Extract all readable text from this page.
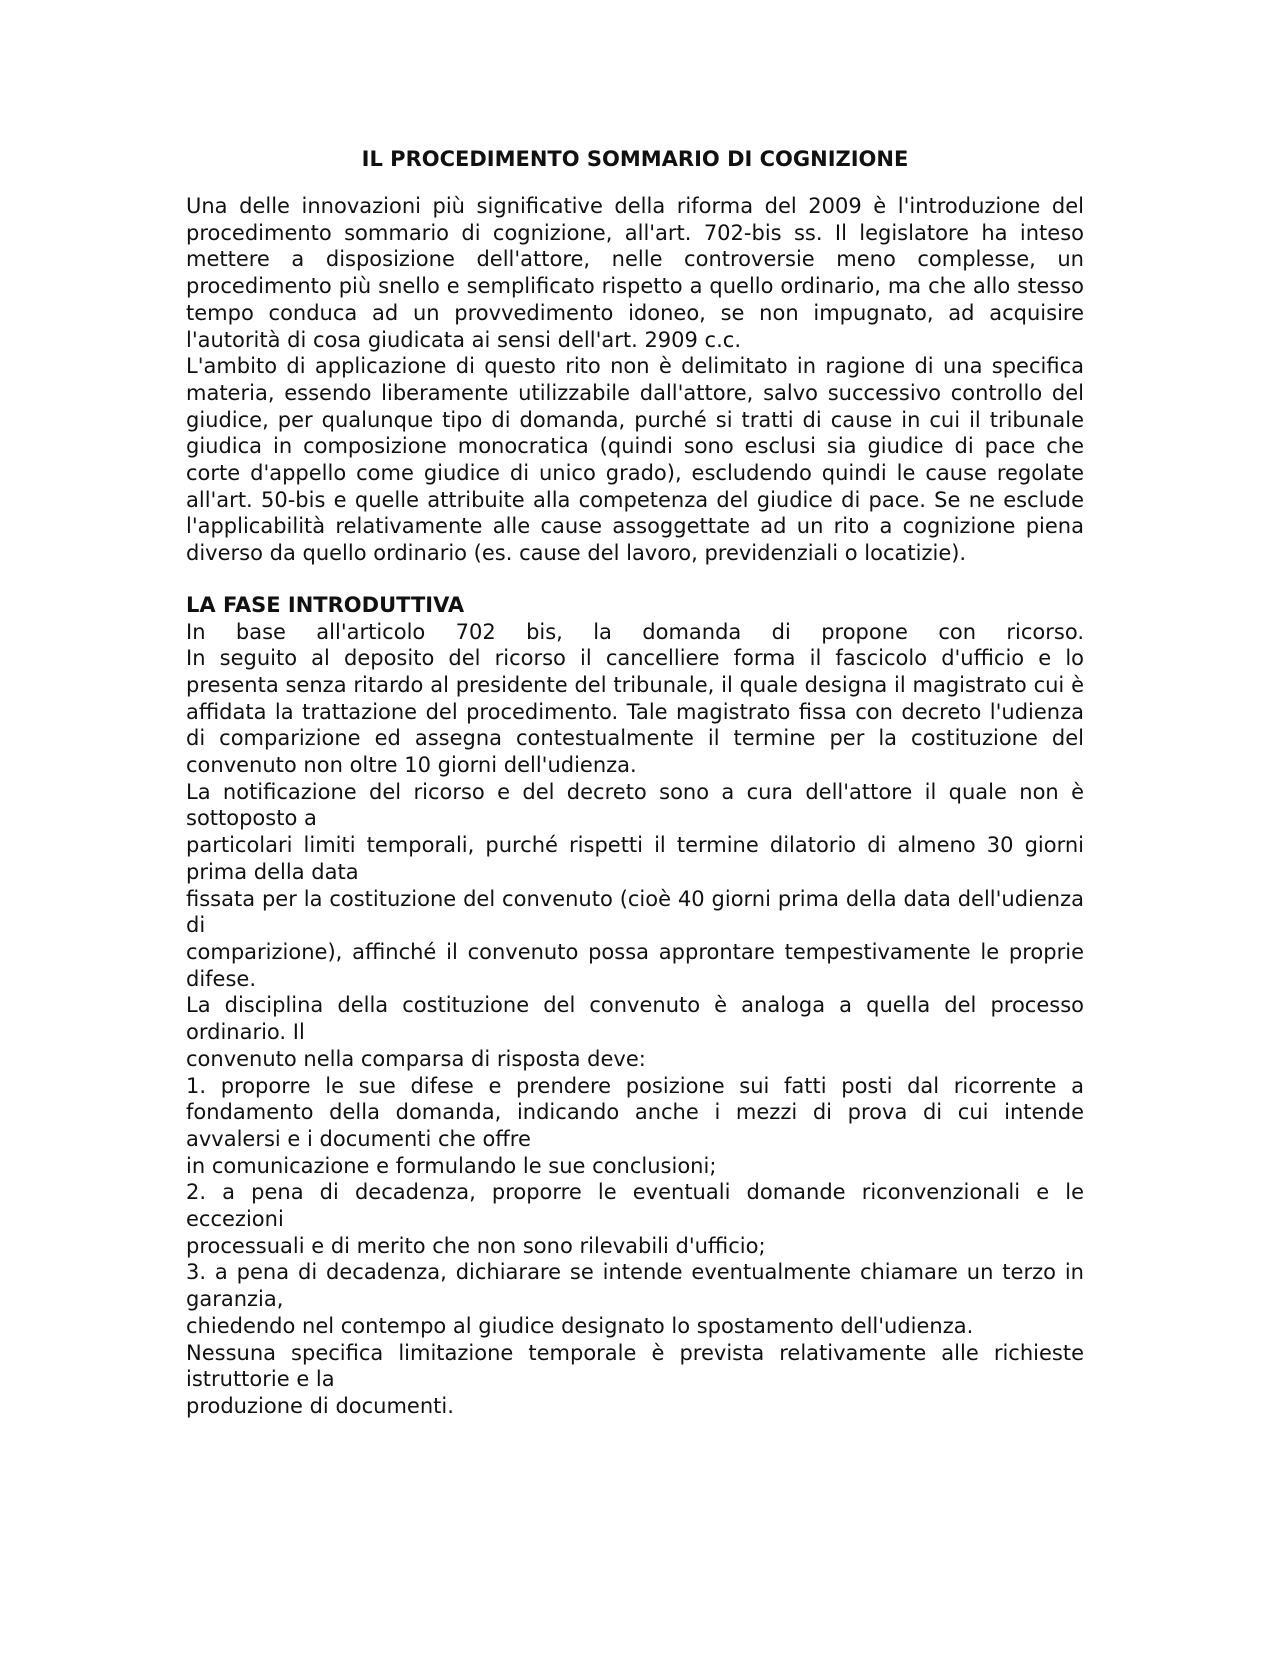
IL PROCEDIMENTO SOMMARIO DI COGNIZIONE

Una delle innovazioni più significative della riforma del 2009 è l'introduzione del procedimento sommario di cognizione, all'art. 702-bis ss. Il legislatore ha inteso mettere a disposizione dell'attore, nelle controversie meno complesse, un procedimento più snello e semplificato rispetto a quello ordinario, ma che allo stesso tempo conduca ad un provvedimento idoneo, se non impugnato, ad acquisire l'autorità di cosa giudicata ai sensi dell'art. 2909 c.c.

L'ambito di applicazione di questo rito non è delimitato in ragione di una specifica materia, essendo liberamente utilizzabile dall'attore, salvo successivo controllo del giudice, per qualunque tipo di domanda, purché si tratti di cause in cui il tribunale giudica in composizione monocratica (quindi sono esclusi sia giudice di pace che corte d'appello come giudice di unico grado), escludendo quindi le cause regolate all'art. 50-bis e quelle attribuite alla competenza del giudice di pace. Se ne esclude l'applicabilità relativamente alle cause assoggettate ad un rito a cognizione piena diverso da quello ordinario (es. cause del lavoro, previdenziali o locatizie).

LA FASE INTRODUTTIVA

In base all'articolo 702 bis, la domanda di propone con ricorso.

In seguito al deposito del ricorso il cancelliere forma il fascicolo d'ufficio e lo presenta senza ritardo al presidente del tribunale, il quale designa il magistrato cui è affidata la trattazione del procedimento. Tale magistrato fissa con decreto l'udienza di comparizione ed assegna contestualmente il termine per la costituzione del convenuto non oltre 10 giorni dell'udienza.

La notificazione del ricorso e del decreto sono a cura dell'attore il quale non è sottoposto a

particolari limiti temporali, purché rispetti il termine dilatorio di almeno 30 giorni prima della data

fissata per la costituzione del convenuto (cioè 40 giorni prima della data dell'udienza di

comparizione), affinché il convenuto possa approntare tempestivamente le proprie difese.

La disciplina della costituzione del convenuto è analoga a quella del processo ordinario. Il

convenuto nella comparsa di risposta deve:

1. proporre le sue difese e prendere posizione sui fatti posti dal ricorrente a fondamento della domanda, indicando anche i mezzi di prova di cui intende avvalersi e i documenti che offre

in comunicazione e formulando le sue conclusioni;

2. a pena di decadenza, proporre le eventuali domande riconvenzionali e le eccezioni

processuali e di merito che non sono rilevabili d'ufficio;

3. a pena di decadenza, dichiarare se intende eventualmente chiamare un terzo in garanzia,

chiedendo nel contempo al giudice designato lo spostamento dell'udienza.

Nessuna specifica limitazione temporale è prevista relativamente alle richieste istruttorie e la

produzione di documenti.
